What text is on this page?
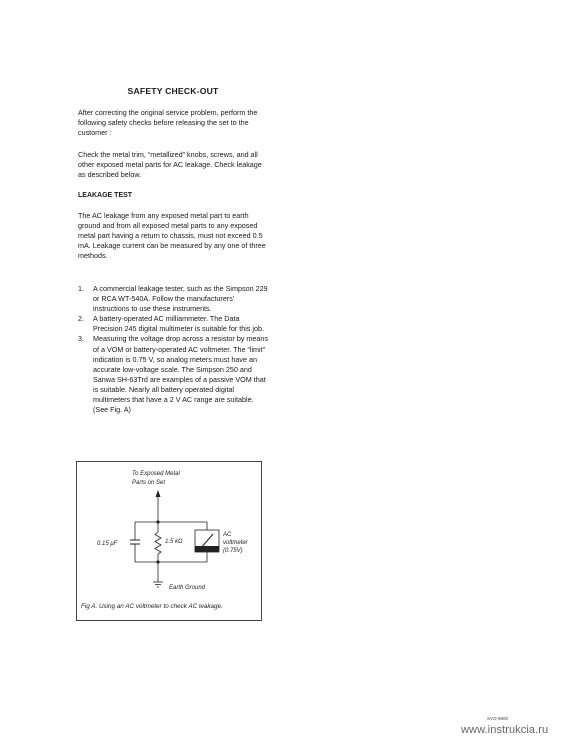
SAFETY CHECK-OUT

After correcting the original service problem, perform the following safety checks before releasing the set to the customer :

Check the metal trim, “metallized” knobs, screws, and all other exposed metal parts for AC leakage. Check leakage as described below.

LEAKAGE TEST

The AC leakage from any exposed metal part to earth ground and from all exposed metal parts to any exposed metal part having a return to chassis, must not exceed 0.5 mA. Leakage current can be measured by any one of three methods.

1. A commercial leakage tester, such as the Simpson 229 or RCA WT-540A. Follow the manufacturers' instructions to use these instruments.
2. A battery-operated AC milliammeter. The Data Precision 245 digital multimeter is suitable for this job.
3. Measuring the voltage drop across a resistor by means of a VOM or battery-operated AC voltmeter. The “limit” indication is 0.75 V, so analog meters must have an accurate low-voltage scale. The Simpson 250 and Sanwa SH-63Trd are examples of a passive VOM that is suitable. Nearly all battery operated digital multimeters that have a 2 V AC range are suitable. (See Fig. A)
To Exposed Metal
Parts on Set
0.15 μF	1.5 kΩ
AC
voltmeter
(0.75V)
Earth Ground
Fig A. Using an AC voltmeter to check AC leakage.
SVO-5800
www.instrukcia.ru
